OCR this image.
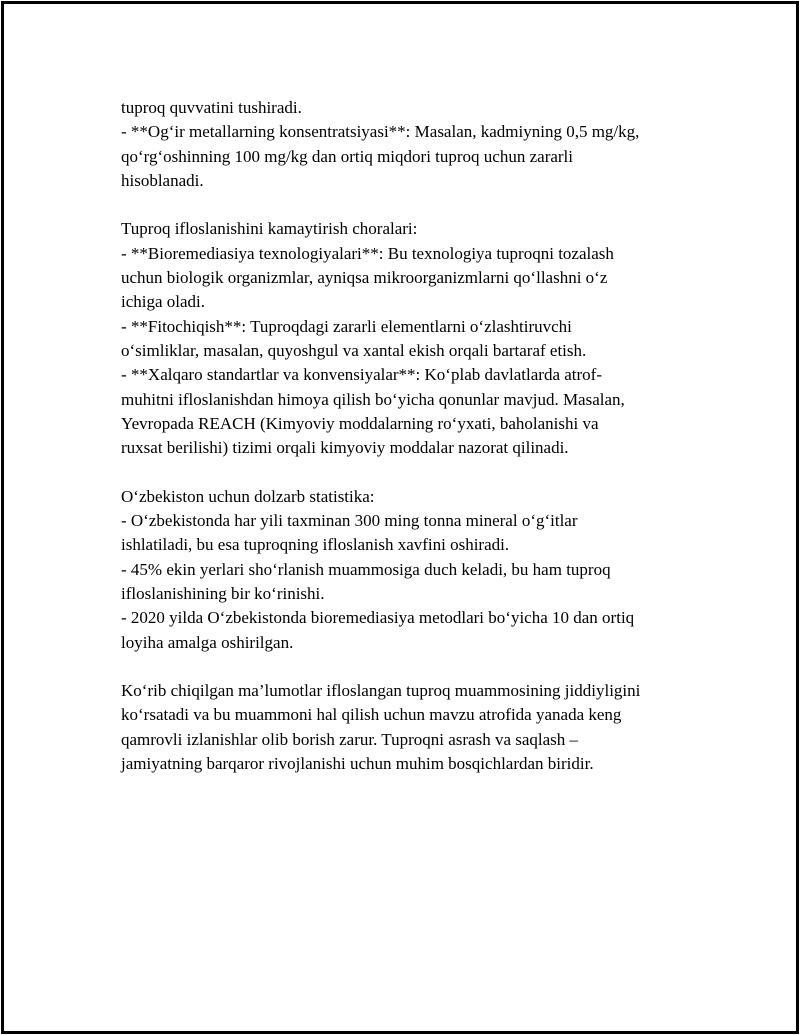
tuproq quvvatini tushiradi.
- **Og‘ir metallarning konsentratsiyasi**: Masalan, kadmiyning 0,5 mg/kg,
qo‘rg‘oshinning 100 mg/kg dan ortiq miqdori tuproq uchun zararli
hisoblanadi.
Tuproq ifloslanishini kamaytirish choralari:
- **Bioremediasiya texnologiyalari**: Bu texnologiya tuproqni tozalash
uchun biologik organizmlar, ayniqsa mikroorganizmlarni qo‘llashni o‘z
ichiga oladi.
- **Fitochiqish**: Tuproqdagi zararli elementlarni o‘zlashtiruvchi
o‘simliklar, masalan, quyoshgul va xantal ekish orqali bartaraf etish.
- **Xalqaro standartlar va konvensiyalar**: Ko‘plab davlatlarda atrof-
muhitni ifloslanishdan himoya qilish bo‘yicha qonunlar mavjud. Masalan,
Yevropada REACH (Kimyoviy moddalarning ro‘yxati, baholanishi va
ruxsat berilishi) tizimi orqali kimyoviy moddalar nazorat qilinadi.
O‘zbekiston uchun dolzarb statistika:
- O‘zbekistonda har yili taxminan 300 ming tonna mineral o‘g‘itlar
ishlatiladi, bu esa tuproqning ifloslanish xavfini oshiradi.
- 45% ekin yerlari sho‘rlanish muammosiga duch keladi, bu ham tuproq
ifloslanishining bir ko‘rinishi.
- 2020 yilda O‘zbekistonda bioremediasiya metodlari bo‘yicha 10 dan ortiq
loyiha amalga oshirilgan.
Ko‘rib chiqilgan ma’lumotlar ifloslangan tuproq muammosining jiddiyligini
ko‘rsatadi va bu muammoni hal qilish uchun mavzu atrofida yanada keng
qamrovli izlanishlar olib borish zarur. Tuproqni asrash va saqlash –
jamiyatning barqaror rivojlanishi uchun muhim bosqichlardan biridir.
